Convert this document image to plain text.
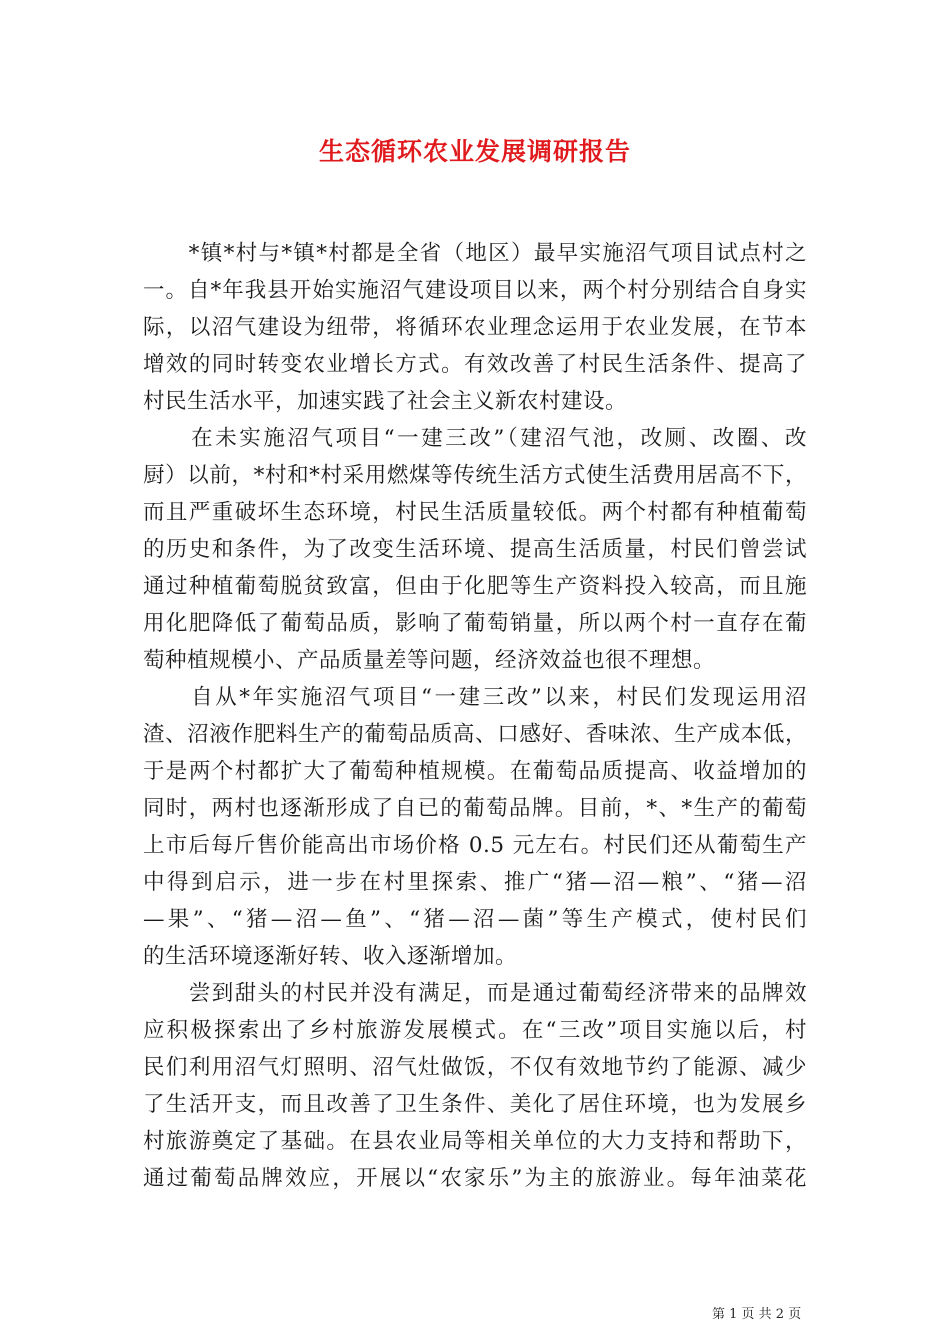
生态循环农业发展调研报告
　　*镇*村与*镇*村都是全省（地区）最早实施沼气项目试点村之
一。自*年我县开始实施沼气建设项目以来，两个村分别结合自身实
际，以沼气建设为纽带，将循环农业理念运用于农业发展，在节本
增效的同时转变农业增长方式。有效改善了村民生活条件、提高了
村民生活水平，加速实践了社会主义新农村建设。
　　在未实施沼气项目“一建三改”（建沼气池，改厕、改圈、改
厨）以前，*村和*村采用燃煤等传统生活方式使生活费用居高不下，
而且严重破坏生态环境，村民生活质量较低。两个村都有种植葡萄
的历史和条件，为了改变生活环境、提高生活质量，村民们曾尝试
通过种植葡萄脱贫致富，但由于化肥等生产资料投入较高，而且施
用化肥降低了葡萄品质，影响了葡萄销量，所以两个村一直存在葡
萄种植规模小、产品质量差等问题，经济效益也很不理想。
　　自从*年实施沼气项目“一建三改”以来，村民们发现运用沼
渣、沼液作肥料生产的葡萄品质高、口感好、香味浓、生产成本低，
于是两个村都扩大了葡萄种植规模。在葡萄品质提高、收益增加的
同时，两村也逐渐形成了自已的葡萄品牌。目前，*、*生产的葡萄
上市后每斤售价能高出市场价格 0.5 元左右。村民们还从葡萄生产
中得到启示，进一步在村里探索、推广“猪—沼—粮”、“猪—沼
—果”、“猪—沼—鱼”、“猪—沼—菌”等生产模式，使村民们
的生活环境逐渐好转、收入逐渐增加。
　　尝到甜头的村民并没有满足，而是通过葡萄经济带来的品牌效
应积极探索出了乡村旅游发展模式。在“三改”项目实施以后，村
民们利用沼气灯照明、沼气灶做饭，不仅有效地节约了能源、减少
了生活开支，而且改善了卫生条件、美化了居住环境，也为发展乡
村旅游奠定了基础。在县农业局等相关单位的大力支持和帮助下，
通过葡萄品牌效应，开展以“农家乐”为主的旅游业。每年油菜花
第 1 页 共 2 页
